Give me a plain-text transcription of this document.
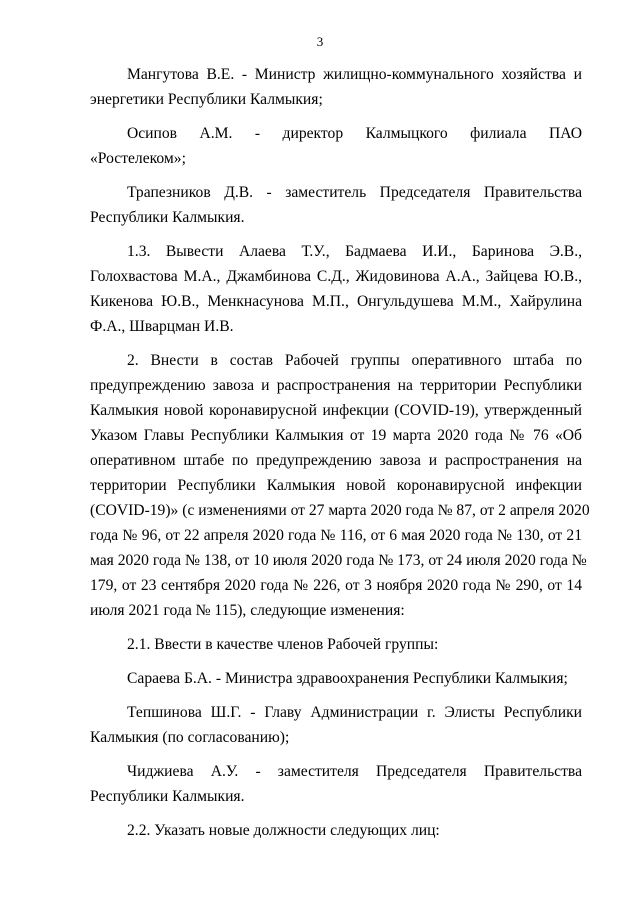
3
Мангутова В.Е. - Министр жилищно-коммунального хозяйства и
энергетики Республики Калмыкия;
Осипов А.М. - директор Калмыцкого филиала ПАО
«Ростелеком»;
Трапезников Д.В. - заместитель Председателя Правительства
Республики Калмыкия.
1.3. Вывести Алаева Т.У., Бадмаева И.И., Баринова Э.В.,
Голохвастова М.А., Джамбинова С.Д., Жидовинова А.А., Зайцева Ю.В.,
Кикенова Ю.В., Менкнасунова М.П., Онгульдушева М.М., Хайрулина
Ф.А., Шварцман И.В.
2. Внести в состав Рабочей группы оперативного штаба по
предупреждению завоза и распространения на территории Республики
Калмыкия новой коронавирусной инфекции (COVID-19), утвержденный
Указом Главы Республики Калмыкия от 19 марта 2020 года № 76 «Об
оперативном штабе по предупреждению завоза и распространения на
территории Республики Калмыкия новой коронавирусной инфекции
(COVID-19)» (с изменениями от 27 марта 2020 года № 87, от 2 апреля 2020
года № 96, от 22 апреля 2020 года № 116, от 6 мая 2020 года № 130, от 21
мая 2020 года № 138, от 10 июля 2020 года № 173, от 24 июля 2020 года №
179, от 23 сентября 2020 года № 226, от 3 ноября 2020 года № 290, от 14
июля 2021 года № 115), следующие изменения:
2.1. Ввести в качестве членов Рабочей группы:
Сараева Б.А. - Министра здравоохранения Республики Калмыкия;
Тепшинова Ш.Г. - Главу Администрации г. Элисты Республики
Калмыкия (по согласованию);
Чиджиева А.У. - заместителя Председателя Правительства
Республики Калмыкия.
2.2. Указать новые должности следующих лиц:
